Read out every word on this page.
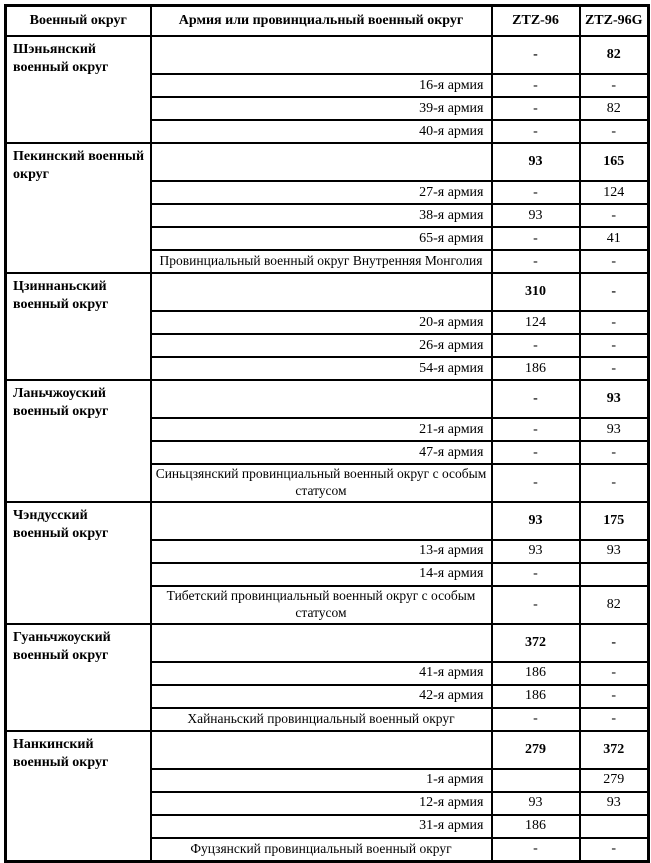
Военный округ	Армия или провинциальный военный округ	ZTZ-96	ZTZ-96G
Шэньянский военный округ		-	82
	16-я армия	-	-
	39-я армия	-	82
	40-я армия	-	-
Пекинский военный округ		93	165
	27-я армия	-	124
	38-я армия	93	-
	65-я армия	-	41
	Провинциальный военный округ Внутренняя Монголия	-	-
Цзиннаньский военный округ		310	-
	20-я армия	124	-
	26-я армия	-	-
	54-я армия	186	-
Ланьчжоуский военный округ		-	93
	21-я армия	-	93
	47-я армия	-	-
	Синьцзянский провинциальный военный округ с особым статусом	-	-
Чэндусский военный округ		93	175
	13-я армия	93	93
	14-я армия	-	
	Тибетский провинциальный военный округ с особым статусом	-	82
Гуаньчжоуский военный округ		372	-
	41-я армия	186	-
	42-я армия	186	-
	Хайнаньский провинциальный военный округ	-	-
Нанкинский военный округ		279	372
	1-я армия		279
	12-я армия	93	93
	31-я армия	186	
	Фуцзянский провинциальный военный округ	-	-
